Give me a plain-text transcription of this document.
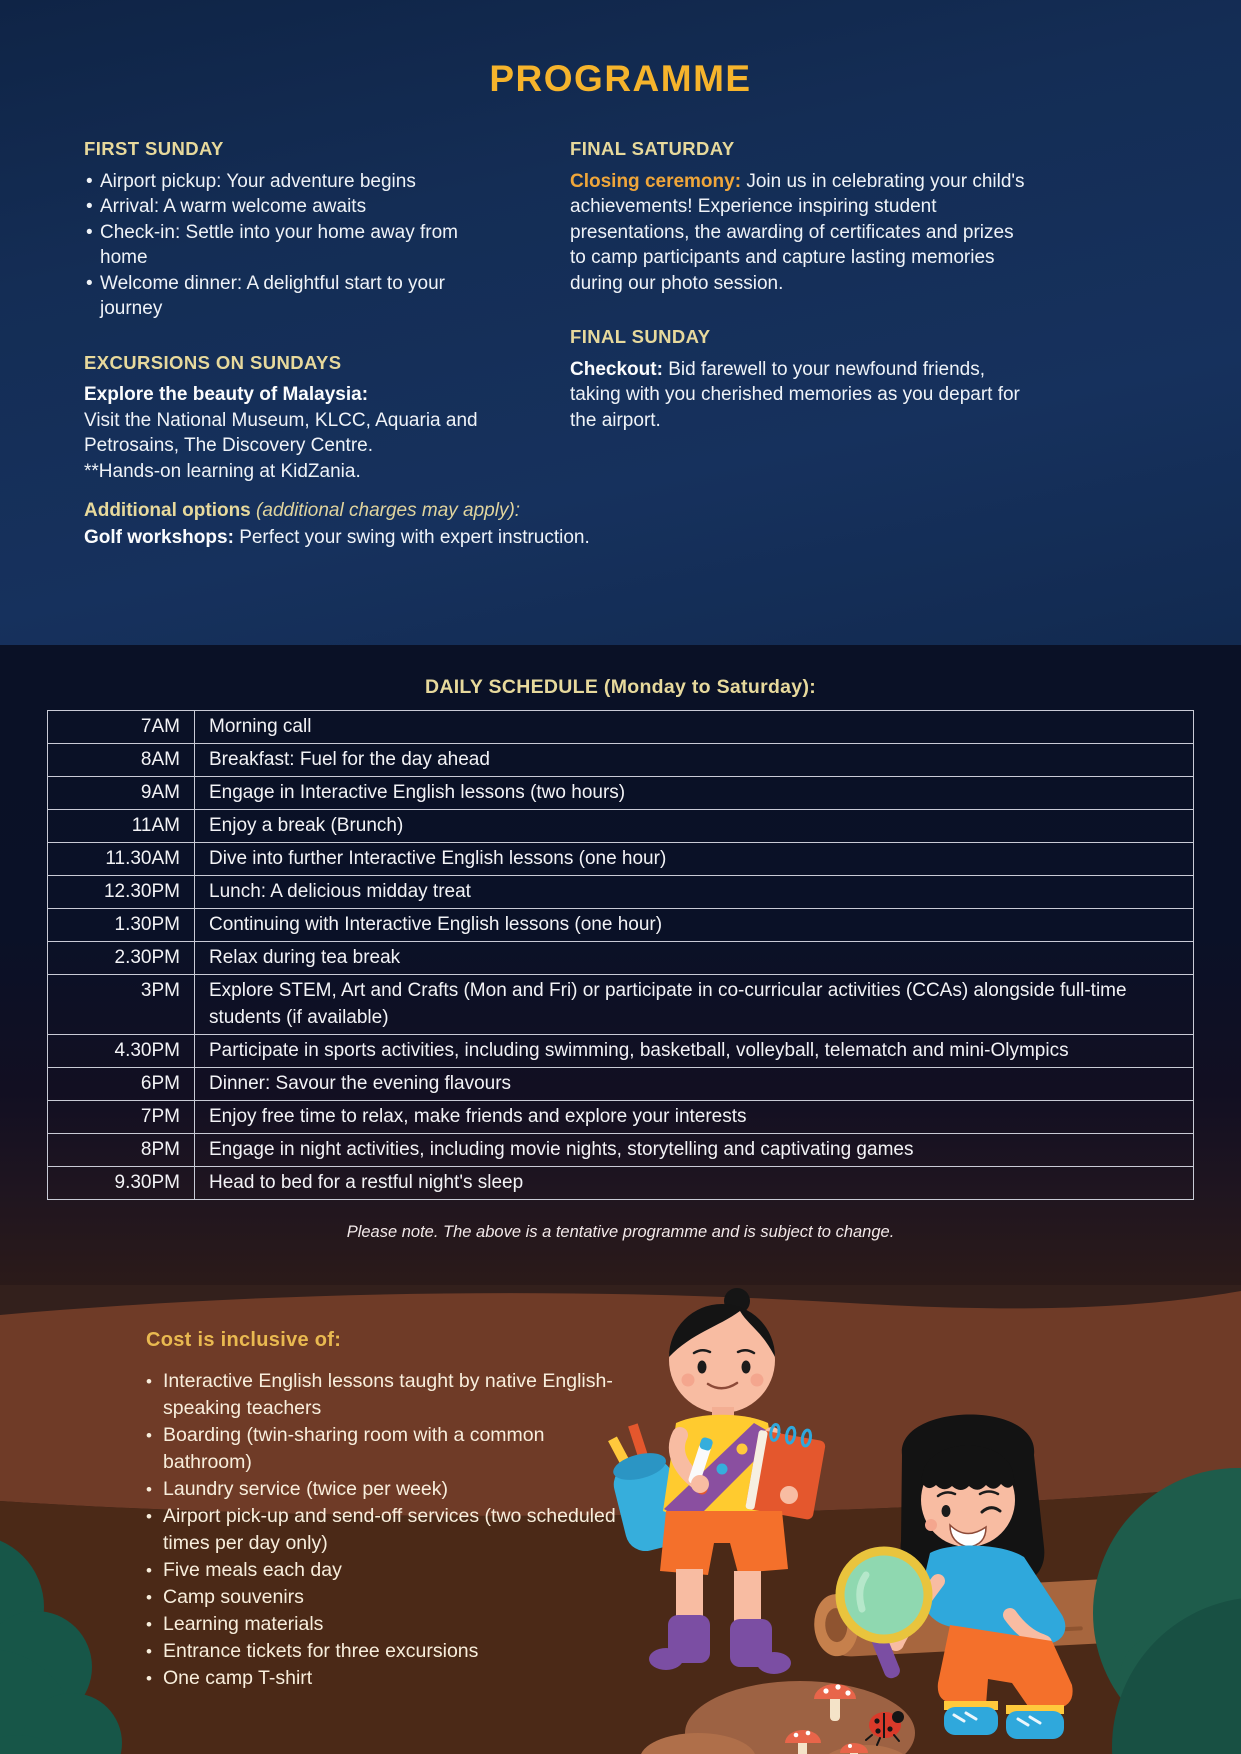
PROGRAMME
FIRST SUNDAY
• Airport pickup: Your adventure begins
• Arrival: A warm welcome awaits
• Check-in: Settle into your home away from home
• Welcome dinner: A delightful start to your journey
EXCURSIONS ON SUNDAYS

Explore the beauty of Malaysia:

Visit the National Museum, KLCC, Aquaria and Petrosains, The Discovery Centre.

**Hands-on learning at KidZania.

FINAL SATURDAY

Closing ceremony: Join us in celebrating your child's achievements! Experience inspiring student presentations, the awarding of certificates and prizes to camp participants and capture lasting memories during our photo session.

FINAL SUNDAY

Checkout: Bid farewell to your newfound friends, taking with you cherished memories as you depart for the airport.

Additional options (additional charges may apply):

Golf workshops: Perfect your swing with expert instruction.

DAILY SCHEDULE (Monday to Saturday):
7AM	Morning call
8AM	Breakfast: Fuel for the day ahead
9AM	Engage in Interactive English lessons (two hours)
11AM	Enjoy a break (Brunch)
11.30AM	Dive into further Interactive English lessons (one hour)
12.30PM	Lunch: A delicious midday treat
1.30PM	Continuing with Interactive English lessons (one hour)
2.30PM	Relax during tea break
3PM	Explore STEM, Art and Crafts (Mon and Fri) or participate in co-curricular activities (CCAs) alongside full-time students (if available)
4.30PM	Participate in sports activities, including swimming, basketball, volleyball, telematch and mini-Olympics
6PM	Dinner: Savour the evening flavours
7PM	Enjoy free time to relax, make friends and explore your interests
8PM	Engage in night activities, including movie nights, storytelling and captivating games
9.30PM	Head to bed for a restful night's sleep

Please note. The above is a tentative programme and is subject to change.

Cost is inclusive of:
• Interactive English lessons taught by native English-speaking teachers
• Boarding (twin-sharing room with a common bathroom)
• Laundry service (twice per week)
• Airport pick-up and send-off services (two scheduled times per day only)
• Five meals each day
• Camp souvenirs
• Learning materials
• Entrance tickets for three excursions
• One camp T-shirt
